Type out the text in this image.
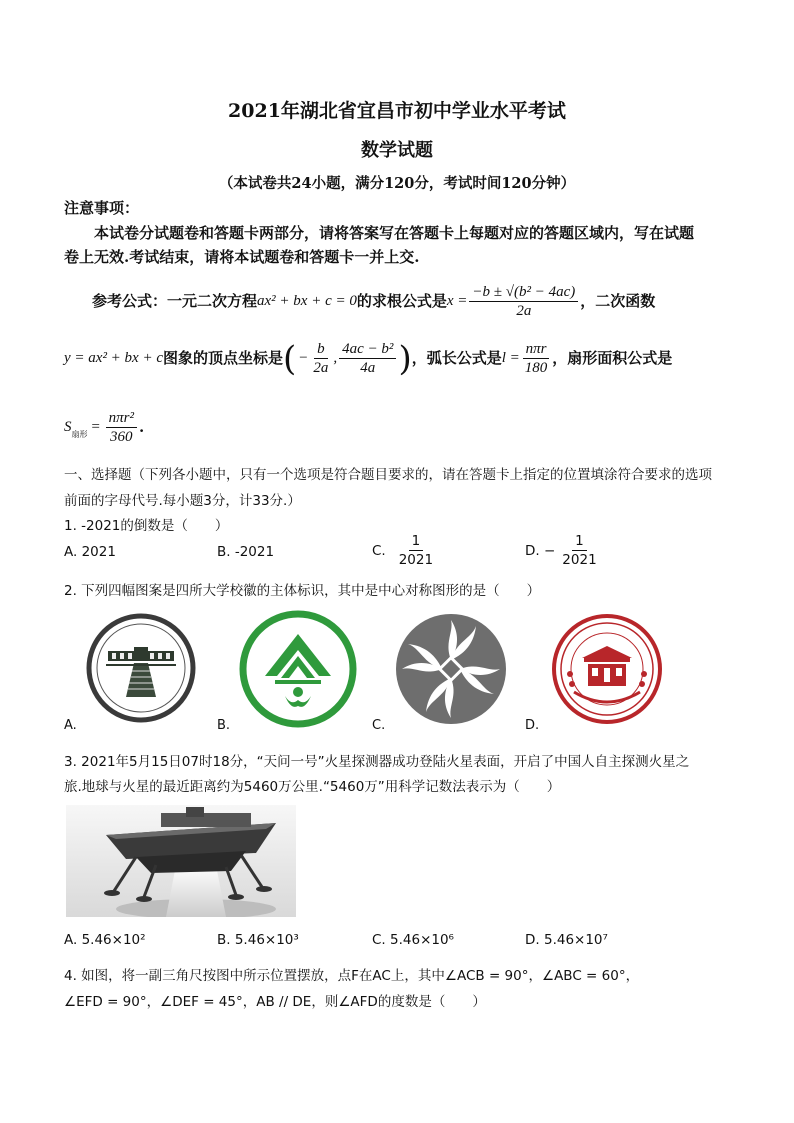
2021年湖北省宜昌市初中学业水平考试
数学试题
（本试卷共24小题，满分120分，考试时间120分钟）
注意事项：
本试卷分试题卷和答题卡两部分，请将答案写在答题卡上每题对应的答题区域内，写在试题
卷上无效.考试结束，请将本试题卷和答题卡一并上交.
参考公式：一元二次方程 ax² + bx + c = 0 的求根公式是 $x = \frac{\text{−b ± √(b² − 4ac)}}{2a}$ ，二次函数
y = ax² + bx + c 图象的顶点坐标是 ( − $\frac{b}{2a}$ , $\frac{\text{4ac − b²}}{4a}$ ) ，弧长公式是 $l = \frac{\text{nπr}}{180}$ ，扇形面积公式是
S 扇形 = $\frac{\text{nπr²}}{360}$ .
一、选择题（下列各小题中，只有一个选项是符合题目要求的，请在答题卡上指定的位置填涂符合要求的选项
前面的字母代号.每小题3分，计33分.）
1. -2021的倒数是（　　）
A. 2021	B. -2021	C. $\frac{1}{2021}$	D. − $\frac{1}{2021}$
2. 下列四幅图案是四所大学校徽的主体标识，其中是中心对称图形的是（　　）
A.	B.	C.	D.
3. 2021年5月15日07时18分，“天问一号”火星探测器成功登陆火星表面，开启了中国人自主探测火星之
旅.地球与火星的最近距离约为5460万公里.“5460万”用科学记数法表示为（　　）
A. 5.46×10²	B. 5.46×10³	C. 5.46×10⁶	D. 5.46×10⁷
4. 如图，将一副三角尺按图中所示位置摆放，点F在AC上，其中∠ACB = 90°，∠ABC = 60°，
∠EFD = 90°，∠DEF = 45°，AB // DE，则∠AFD的度数是（　　）
